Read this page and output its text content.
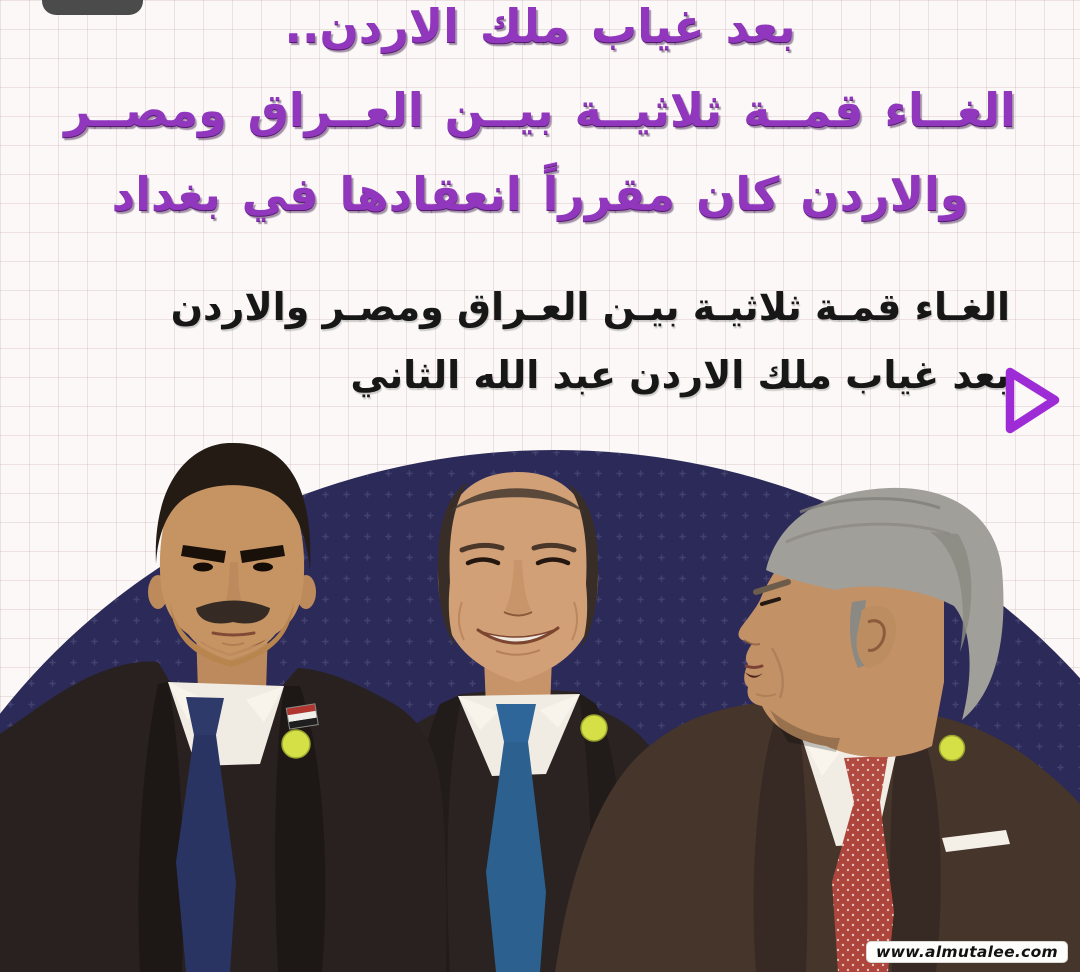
بعد غياب ملك الاردن..
الغــاء قمــة ثلاثيــة بيــن العــراق ومصــر
والاردن كان مقرراً انعقادها في بغداد
الغـاء قمـة ثلاثيـة بيـن العـراق ومصـر والاردن
بعد غياب ملك الاردن عبد الله الثاني
www.almutalee.com
